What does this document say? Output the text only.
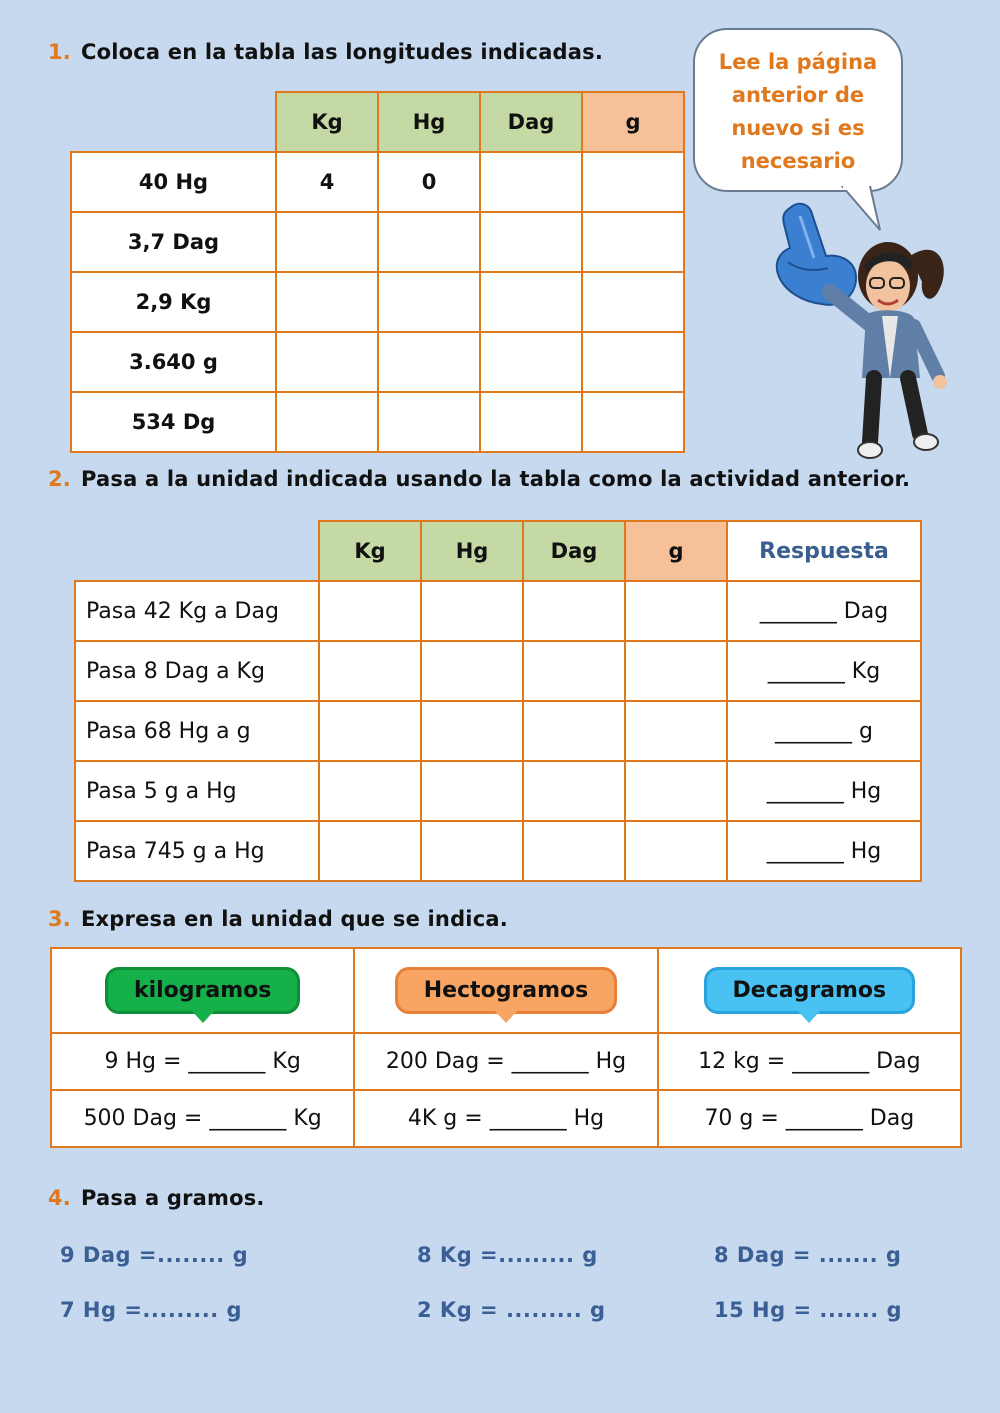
1. Coloca en la tabla las longitudes indicadas.
	Kg	Hg	Dag	g
40 Hg	4	0		
3,7 Dag				
2,9 Kg				
3.640 g				
534 Dg				
Lee la página
anterior de
nuevo si es
necesario
2. Pasa a la unidad indicada usando la tabla como la actividad anterior.
	Kg	Hg	Dag	g	Respuesta
Pasa 42 Kg a Dag					_______ Dag
Pasa 8 Dag a Kg					_______ Kg
Pasa 68 Hg a g					_______ g
Pasa 5 g a Hg					_______ Hg
Pasa 745 g a Hg					_______ Hg
3. Expresa en la unidad que se indica.
kilogramos	Hectogramos	Decagramos
9 Hg = _______ Kg	200 Dag = _______ Hg	12 kg = _______ Dag
500 Dag = _______ Kg	4K g = _______ Hg	70 g = _______ Dag
4. Pasa a gramos.
9 Dag =........ g	8 Kg =......... g	8 Dag = ....... g
7 Hg =......... g	2 Kg = ......... g	15 Hg = ....... g
